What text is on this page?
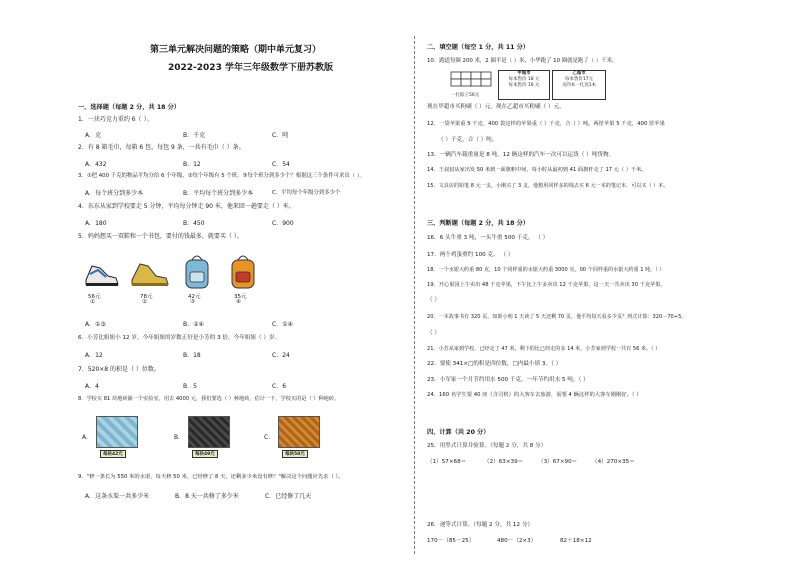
第三单元解决问题的策略（期中单元复习）
2022-2023 学年三年级数学下册苏教版
一、选择题（每题 2 分，共 18 分）
1．一块巧克力重约 6（ ）。
A．克	B．千克	C．吨
2．有 8 箱毛巾，每箱 6 包，每包 9 条，一共有毛巾（ ）条。
A．432	B．12	C．54
3．①把 400 千克的物品平均分给 6 个年级，②每个年级有 5 个班，③每个班分到多少个？根据这三个条件可求出（ ）。
A．每个班分到多少本	B．平均每个班分到多少本	C．平均每个年级分到多少个
4．东东从家到学校要走 5 分钟，平均每分钟走 90 米，他来回一趟要走（ ）米。
A．180	B．450	C．900
5．妈妈想买一双鞋和一个书包，要付的钱最多，就要买（ ）。
56元
①
78元
②
42元
③
35元
④
A．①③	B．②④	C．①④
6．小芳比姐姐小 12 岁，今年姐姐的岁数正好是小芳的 3 倍，今年姐姐（ ）岁。
A．12	B．18	C．24
7．520×8 的积是（ ）位数。
A．4	B．5	C．6
8．学校买 81 块地砖铺一个实验室，用去 4000 元，我们要选（ ）种地砖。估计一下，学校买的是（ ）种地砖。
A．
每块42元
B．
每块49元
C．
每块58元
9．"修一条长为 550 米的水渠，每天修 50 米，已经修了 8 天，还剩多少米没有修？"解决这个问题应先求（ ）。
A．这条水渠一共多少米	B．8 天一共修了多少米	C．已经修了几天
二、填空题（每空 1 分，共 11 分）
10．跑道每圈 200 米，2 圈半是（ ）米，小华跑了 10 圈就是跑了（ ）千米。
一扎粽子56元
甲超市
每本售价 18 元
每本售价 16 元
乙超市
每本售价17元
买四本一扎送1本
现在甲超市买粉刷（ ）元，现在乙超市买粉刷（ ）元。
12．一袋苹果重 5 千克，400 袋这样的苹果重（ ）千克，合（ ）吨。两筐苹果 5 千克，400 筐苹果
（ ）千克，合（ ）吨。
13．一辆汽车载重量是 8 吨，12 辆这样的汽车一次可以运货（ ）吨货物。
14．王叔叔从家出发 50 米到一面旗帜中间，每小时从最初到 41 面旗杆走了 17 元（ ）千米。
15．文具店的铅笔 8 元一支，小刚买了 3 支，他想用同样多的钱去买 6 元一本的笔记本，可以买（ ）本。
三、判断题（每题 2 分，共 18 分）
16．6 头牛重 3 吨，一头牛重 500 千克。 （ ）
17．两个鸡蛋重约 100 克。 （ ）
18．一个水银大约重 80 克，10 个同样重的水银大约重 3000 克，00 个同样重的水银大约重 1 吨。（ ）
19．开心果园上午卖出 48 千克苹果，下午比上午多卖出 12 千克苹果，这一天一共卖出 30 千克苹果。
（ ）
20．一本故事书有 320 页，如果小明 1 天读了 5 天还剩 70 页，他平均每天看多少页？列式计算：320－70÷5。
（ ）
21．小芳从家到学校，已经走了 47 米，剩下的比已经走的多 14 米，小芳家到学校一共有 56 米。（ ）
22．要使 341×□的积是四位数，□内最小填 3。（ ）
23．小军家一个月节约用水 500 千克，一年节约用水 5 吨。（ ）
24．160 名学生要 40 座（含司机）的大客车去旅游，需要 4 辆这样的大客车刚刚好。（ ）
四、计算（共 20 分）
25．用竖式计算并验算。（每题 2 分，共 8 分）
（1）57×68＝	（2）63×39＝	（3）67×90＝	（4）270×35＝
26．递等式计算。（每题 2 分，共 12 分）
170－（85－25）	480－（2×3）	82＋18×12
